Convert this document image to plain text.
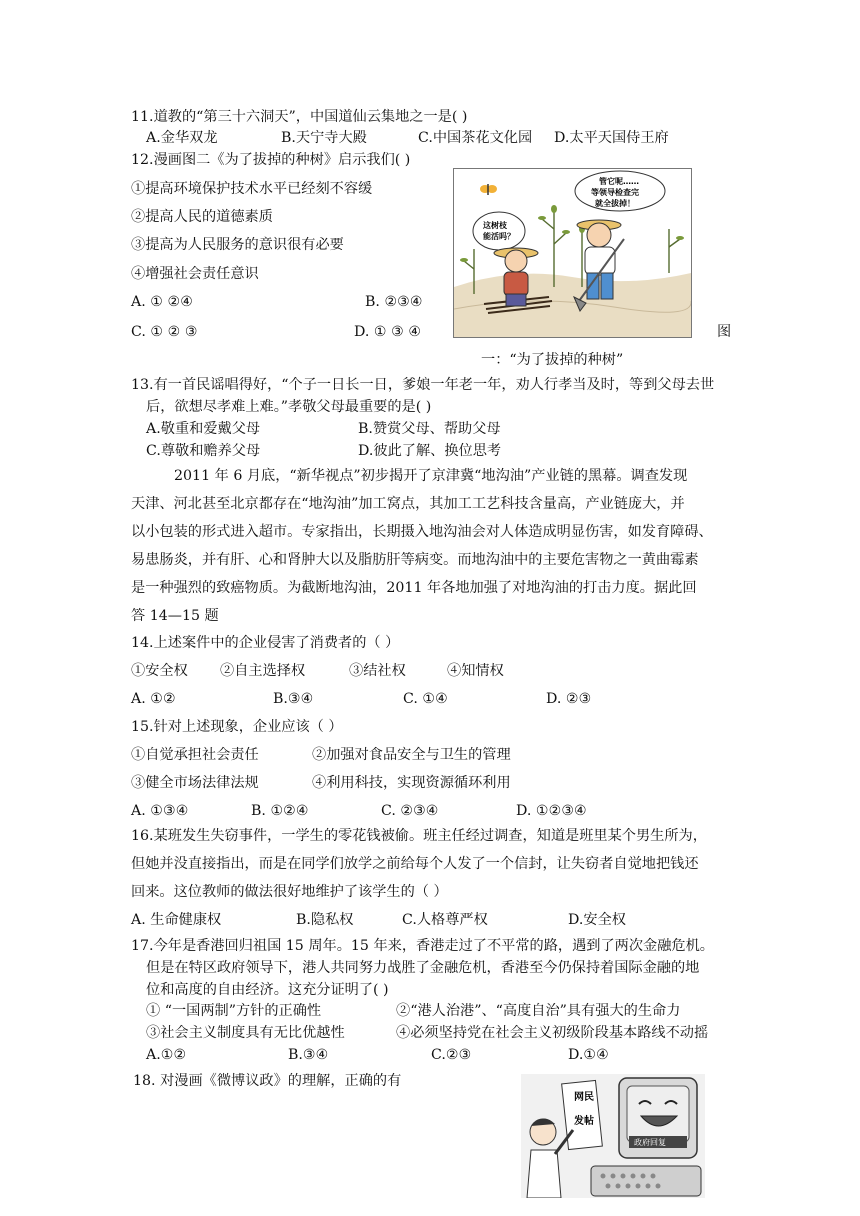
11.道教的“第三十六洞天”，中国道仙云集地之一是( )
A.金华双龙	B.天宁寺大殿	C.中国茶花文化园 D.太平天国侍王府
12.漫画图二《为了拔掉的种树》启示我们( )
①提高环境保护技术水平已经刻不容缓
②提高人民的道德素质
③提高为人民服务的意识很有必要
④增强社会责任意识
A. ① ②④	B. ②③④
C. ① ② ③	D. ① ③ ④	图
一：“为了拔掉的种树”
这树枝
能活吗？
管它呢……
等领导检查完
就全拔掉！
13.有一首民谣唱得好，“个子一日长一日，爹娘一年老一年，劝人行孝当及时，等到父母去世
后，欲想尽孝难上难。”孝敬父母最重要的是( )
A.敬重和爱戴父母	B.赞赏父母、帮助父母
C.尊敬和赡养父母	D.彼此了解、换位思考
2011 年 6 月底，“新华视点”初步揭开了京津冀“地沟油”产业链的黑幕。调查发现
天津、河北甚至北京都存在“地沟油”加工窝点，其加工工艺科技含量高，产业链庞大，并
以小包装的形式进入超市。专家指出，长期摄入地沟油会对人体造成明显伤害，如发育障碍、
易患肠炎，并有肝、心和肾肿大以及脂肪肝等病变。而地沟油中的主要危害物之一黄曲霉素
是一种强烈的致癌物质。为截断地沟油，2011 年各地加强了对地沟油的打击力度。据此回
答 14—15 题
14.上述案件中的企业侵害了消费者的（ ）
①安全权 ②自主选择权	③结社权	④知情权
A. ①②	B.③④	C. ①④	D. ②③
15.针对上述现象，企业应该（ ）
①自觉承担社会责任	②加强对食品安全与卫生的管理
③健全市场法律法规	④利用科技，实现资源循环利用
A. ①③④	B. ①②④	C. ②③④	D. ①②③④
16.某班发生失窃事件，一学生的零花钱被偷。班主任经过调查，知道是班里某个男生所为，
但她并没直接指出，而是在同学们放学之前给每个人发了一个信封，让失窃者自觉地把钱还
回来。这位教师的做法很好地维护了该学生的（ ）
A. 生命健康权	B.隐私权	C.人格尊严权	D.安全权
17.今年是香港回归祖国 15 周年。15 年来，香港走过了不平常的路，遇到了两次金融危机。
但是在特区政府领导下，港人共同努力战胜了金融危机，香港至今仍保持着国际金融的地
位和高度的自由经济。这充分证明了( )
① “一国两制”方针的正确性	②“港人治港”、“高度自治”具有强大的生命力
③社会主义制度具有无比优越性	④必须坚持党在社会主义初级阶段基本路线不动摇
A.①②	B.③④	C.②③	D.①④
18. 对漫画《微博议政》的理解，正确的有
政府回复
网民
发帖
